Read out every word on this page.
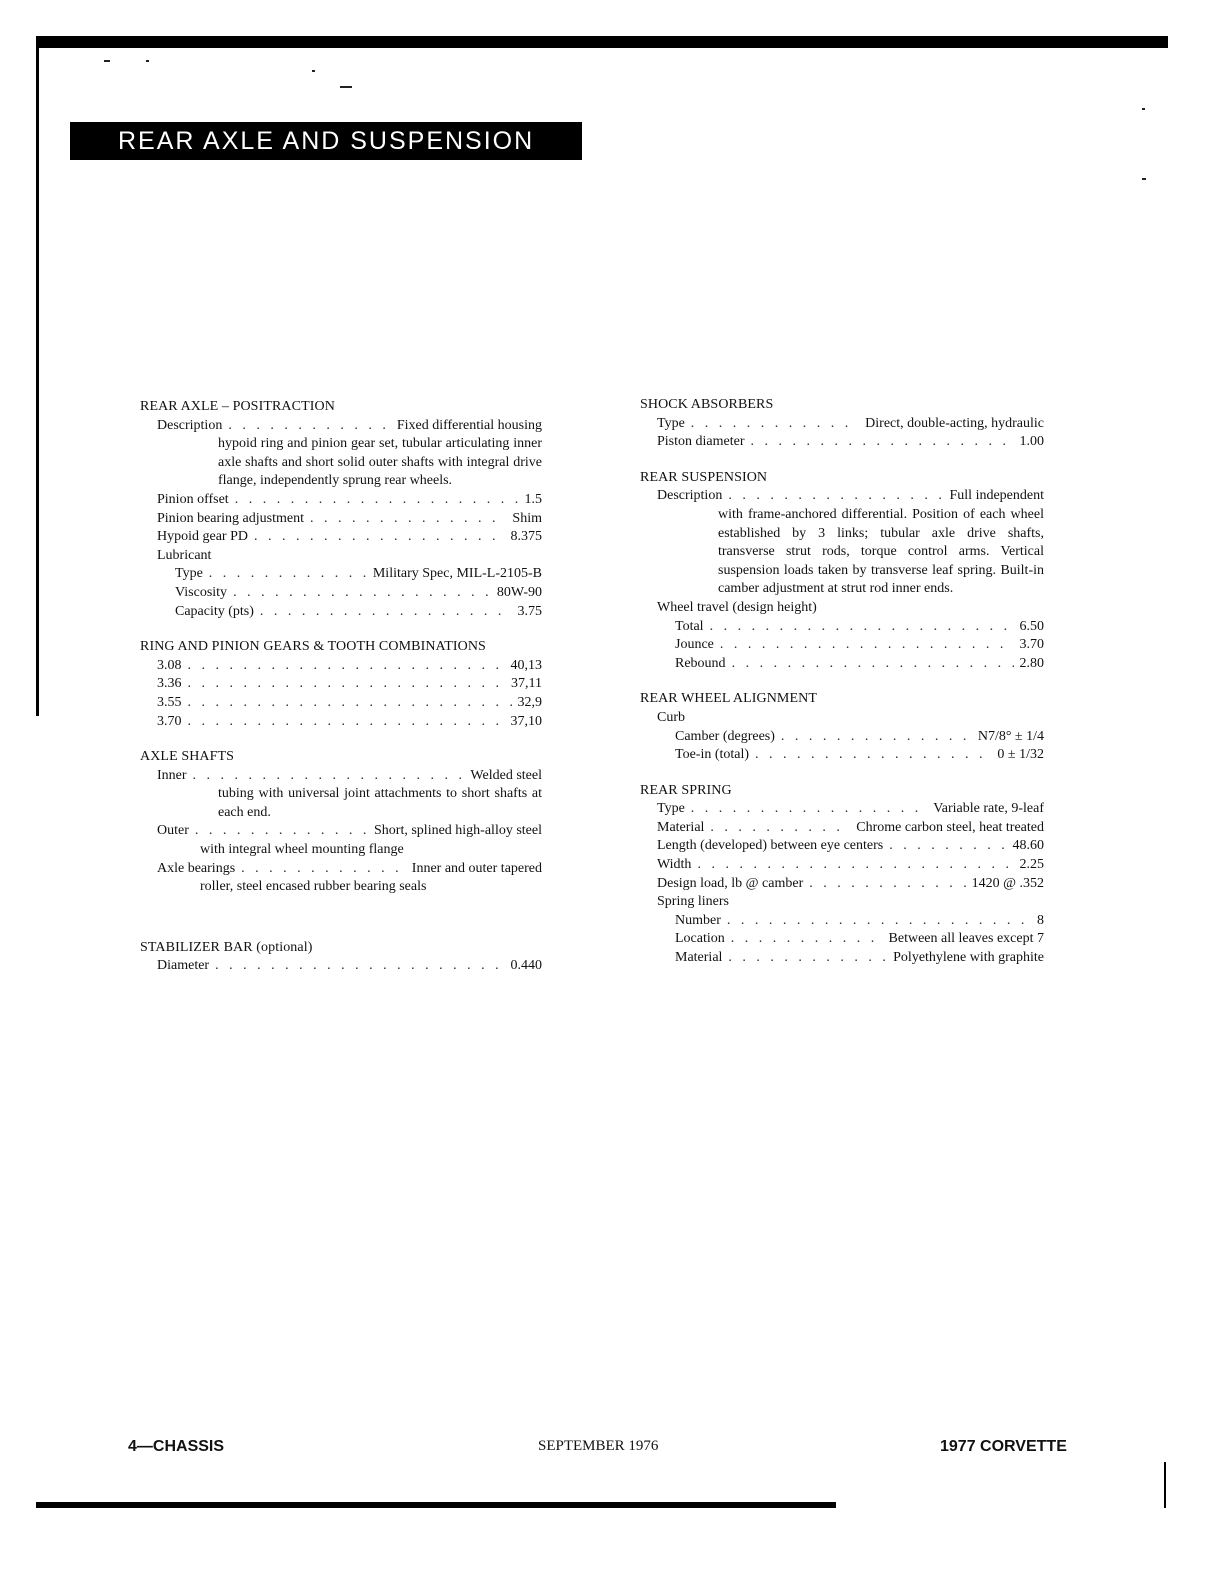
REAR AXLE AND SUSPENSION
REAR AXLE – POSITRACTION
Description . . .	Fixed differential housing
hypoid ring and pinion gear set, tubular articulating inner axle shafts and short solid outer shafts with integral drive flange, independently sprung rear wheels.
Pinion offset . . .	1.5
Pinion bearing adjustment . . .	Shim
Hypoid gear PD . . .	8.375
Lubricant
Type . . .	Military Spec, MIL-L-2105-B
Viscosity . . .	80W-90
Capacity (pts) . . .	3.75
RING AND PINION GEARS & TOOTH COMBINATIONS
3.08 . . .	40,13
3.36 . . .	37,11
3.55 . . .	32,9
3.70 . . .	37,10
AXLE SHAFTS
Inner . . .	Welded steel
tubing with universal joint attachments to short shafts at each end.
Outer . . .	Short, splined high-alloy steel
with integral wheel mounting flange
Axle bearings . . .	Inner and outer tapered
roller, steel encased rubber bearing seals
STABILIZER BAR (optional)
Diameter . . .	0.440
SHOCK ABSORBERS
Type . . .	Direct, double-acting, hydraulic
Piston diameter . . .	1.00
REAR SUSPENSION
Description . . .	Full independent
with frame-anchored differential. Position of each wheel established by 3 links; tubular axle drive shafts, transverse strut rods, torque control arms. Vertical suspension loads taken by transverse leaf spring. Built-in camber adjustment at strut rod inner ends.
Wheel travel (design height)
Total . . .	6.50
Jounce . . .	3.70
Rebound . . .	2.80
REAR WHEEL ALIGNMENT
Curb
Camber (degrees) . . .	N7/8° ± 1/4
Toe-in (total) . . .	0 ± 1/32
REAR SPRING
Type . . .	Variable rate, 9-leaf
Material . . .	Chrome carbon steel, heat treated
Length (developed) between eye centers . . .	48.60
Width . . .	2.25
Design load, lb @ camber . . .	1420 @ .352
Spring liners
Number . . .	8
Location . . .	Between all leaves except 7
Material . . .	Polyethylene with graphite
4—CHASSIS	SEPTEMBER 1976	1977 CORVETTE
